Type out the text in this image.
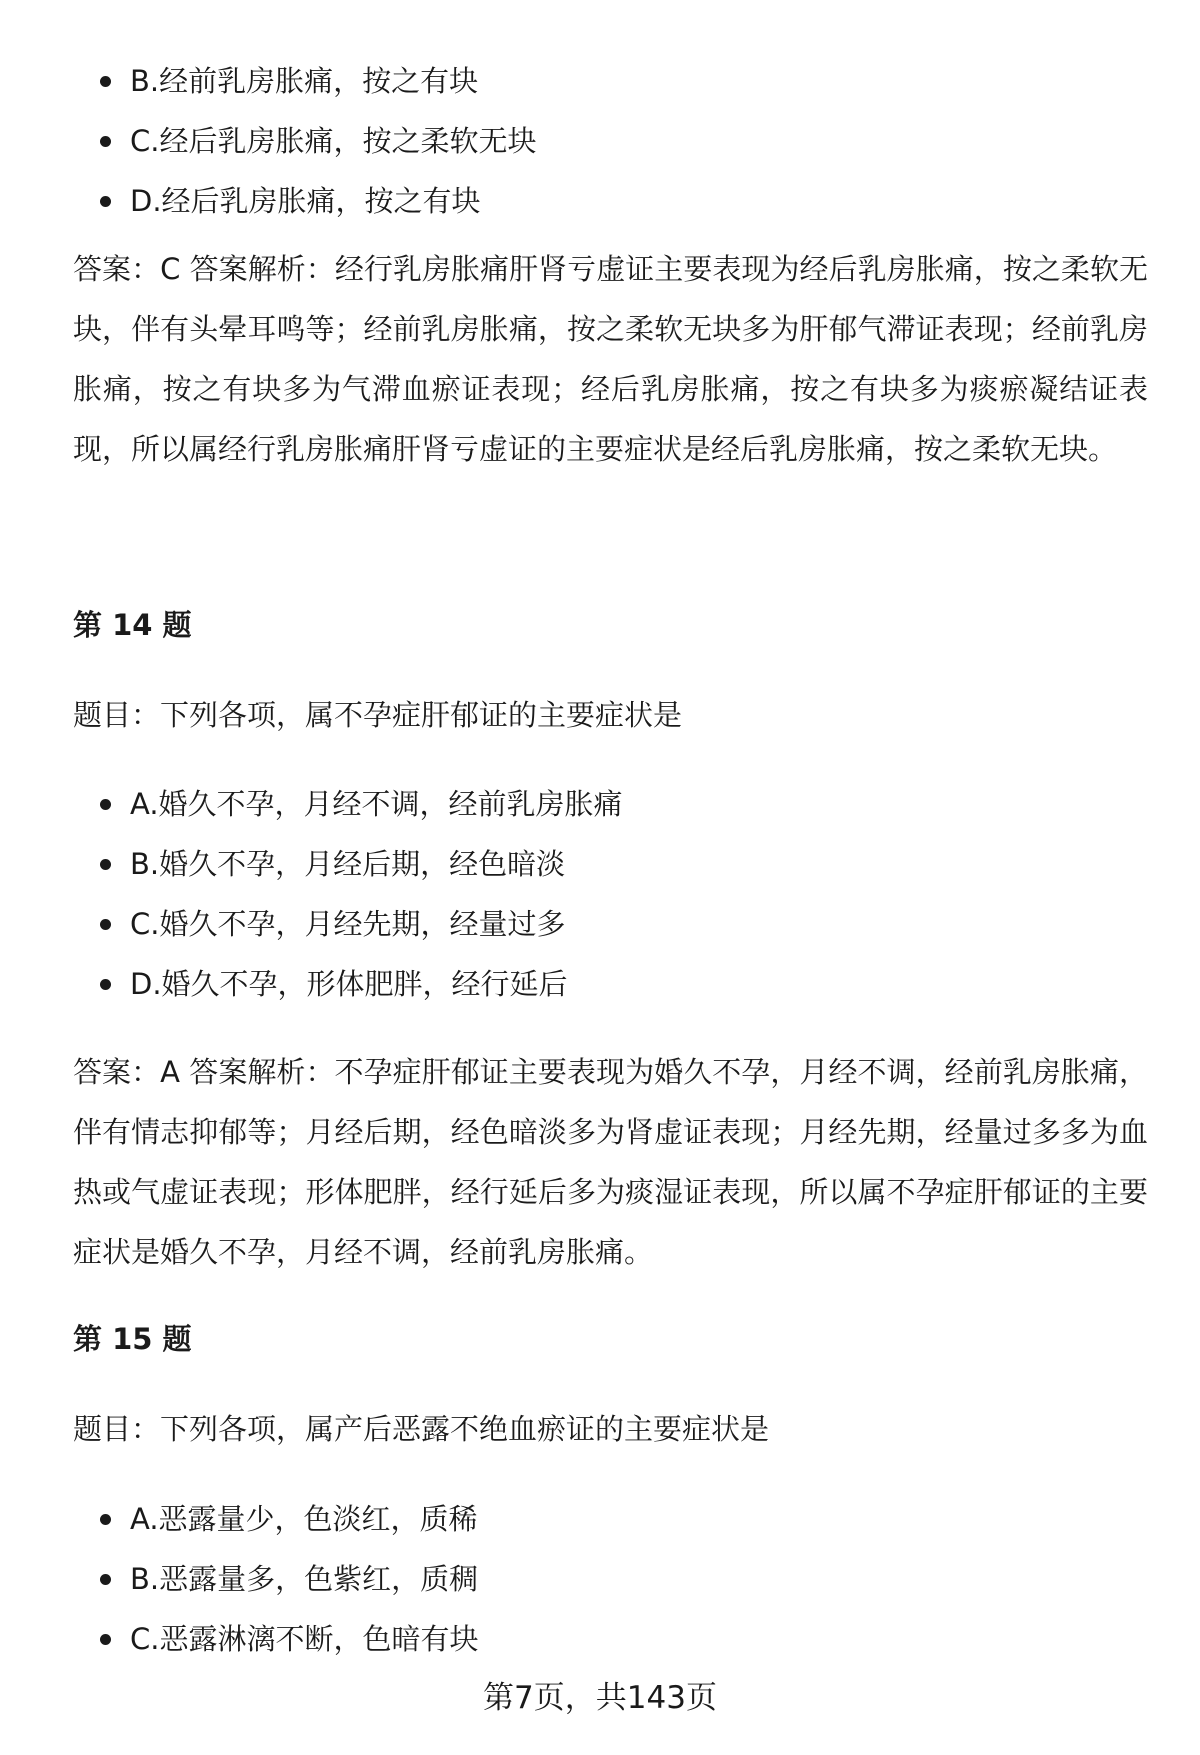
B.经前乳房胀痛，按之有块
C.经后乳房胀痛，按之柔软无块
D.经后乳房胀痛，按之有块

答案：C 答案解析：经行乳房胀痛肝肾亏虚证主要表现为经后乳房胀痛，按之柔软无块，伴有头晕耳鸣等；经前乳房胀痛，按之柔软无块多为肝郁气滞证表现；经前乳房胀痛，按之有块多为气滞血瘀证表现；经后乳房胀痛，按之有块多为痰瘀凝结证表现，所以属经行乳房胀痛肝肾亏虚证的主要症状是经后乳房胀痛，按之柔软无块。

第 14 题

题目：下列各项，属不孕症肝郁证的主要症状是

A.婚久不孕，月经不调，经前乳房胀痛
B.婚久不孕，月经后期，经色暗淡
C.婚久不孕，月经先期，经量过多
D.婚久不孕，形体肥胖，经行延后

答案：A 答案解析：不孕症肝郁证主要表现为婚久不孕，月经不调，经前乳房胀痛，伴有情志抑郁等；月经后期，经色暗淡多为肾虚证表现；月经先期，经量过多多为血热或气虚证表现；形体肥胖，经行延后多为痰湿证表现，所以属不孕症肝郁证的主要症状是婚久不孕，月经不调，经前乳房胀痛。

第 15 题

题目：下列各项，属产后恶露不绝血瘀证的主要症状是

A.恶露量少，色淡红，质稀
B.恶露量多，色紫红，质稠
C.恶露淋漓不断，色暗有块
第7页，共143页
